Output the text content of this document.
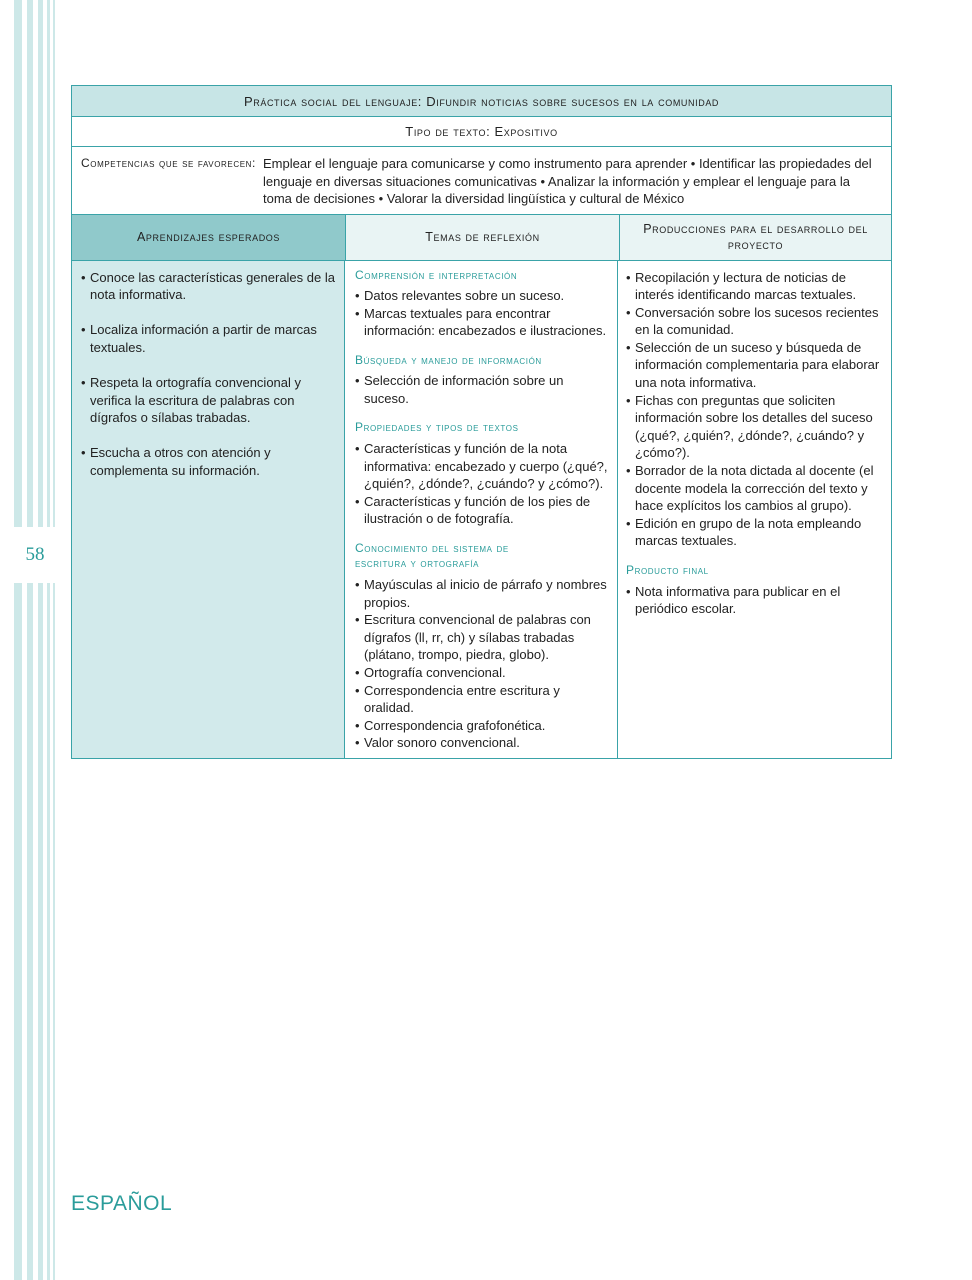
58
Práctica social del lenguaje: Difundir noticias sobre sucesos en la comunidad
Tipo de texto: Expositivo
Competencias que se favorecen: Emplear el lenguaje para comunicarse y como instrumento para aprender • Identificar las propiedades del lenguaje en diversas situaciones comunicativas • Analizar la información y emplear el lenguaje para la toma de decisiones • Valorar la diversidad lingüística y cultural de México
Aprendizajes esperados	Temas de reflexión
Producciones para el desarrollo del proyecto
• Conoce las características generales de la nota informativa.
• Localiza información a partir de marcas textuales.
• Respeta la ortografía convencional y verifica la escritura de palabras con dígrafos o sílabas trabadas.
• Escucha a otros con atención y complementa su información.
Comprensión e interpretación
• Datos relevantes sobre un suceso.
• Marcas textuales para encontrar información: encabezados e ilustraciones.
Búsqueda y manejo de información
• Selección de información sobre un suceso.
Propiedades y tipos de textos
• Características y función de la nota informativa: encabezado y cuerpo (¿qué?, ¿quién?, ¿dónde?, ¿cuándo? y ¿cómo?).
• Características y función de los pies de ilustración o de fotografía.
Conocimiento del sistema de escritura y ortografía
• Mayúsculas al inicio de párrafo y nombres propios.
• Escritura convencional de palabras con dígrafos (ll, rr, ch) y sílabas trabadas (plátano, trompo, piedra, globo).
• Ortografía convencional.
• Correspondencia entre escritura y oralidad.
• Correspondencia grafofonética.
• Valor sonoro convencional.
• Recopilación y lectura de noticias de interés identificando marcas textuales.
• Conversación sobre los sucesos recientes en la comunidad.
• Selección de un suceso y búsqueda de información complementaria para elaborar una nota informativa.
• Fichas con preguntas que soliciten información sobre los detalles del suceso (¿qué?, ¿quién?, ¿dónde?, ¿cuándo? y ¿cómo?).
• Borrador de la nota dictada al docente (el docente modela la corrección del texto y hace explícitos los cambios al grupo).
• Edición en grupo de la nota empleando marcas textuales.
Producto final
• Nota informativa para publicar en el periódico escolar.
ESPAÑOL
